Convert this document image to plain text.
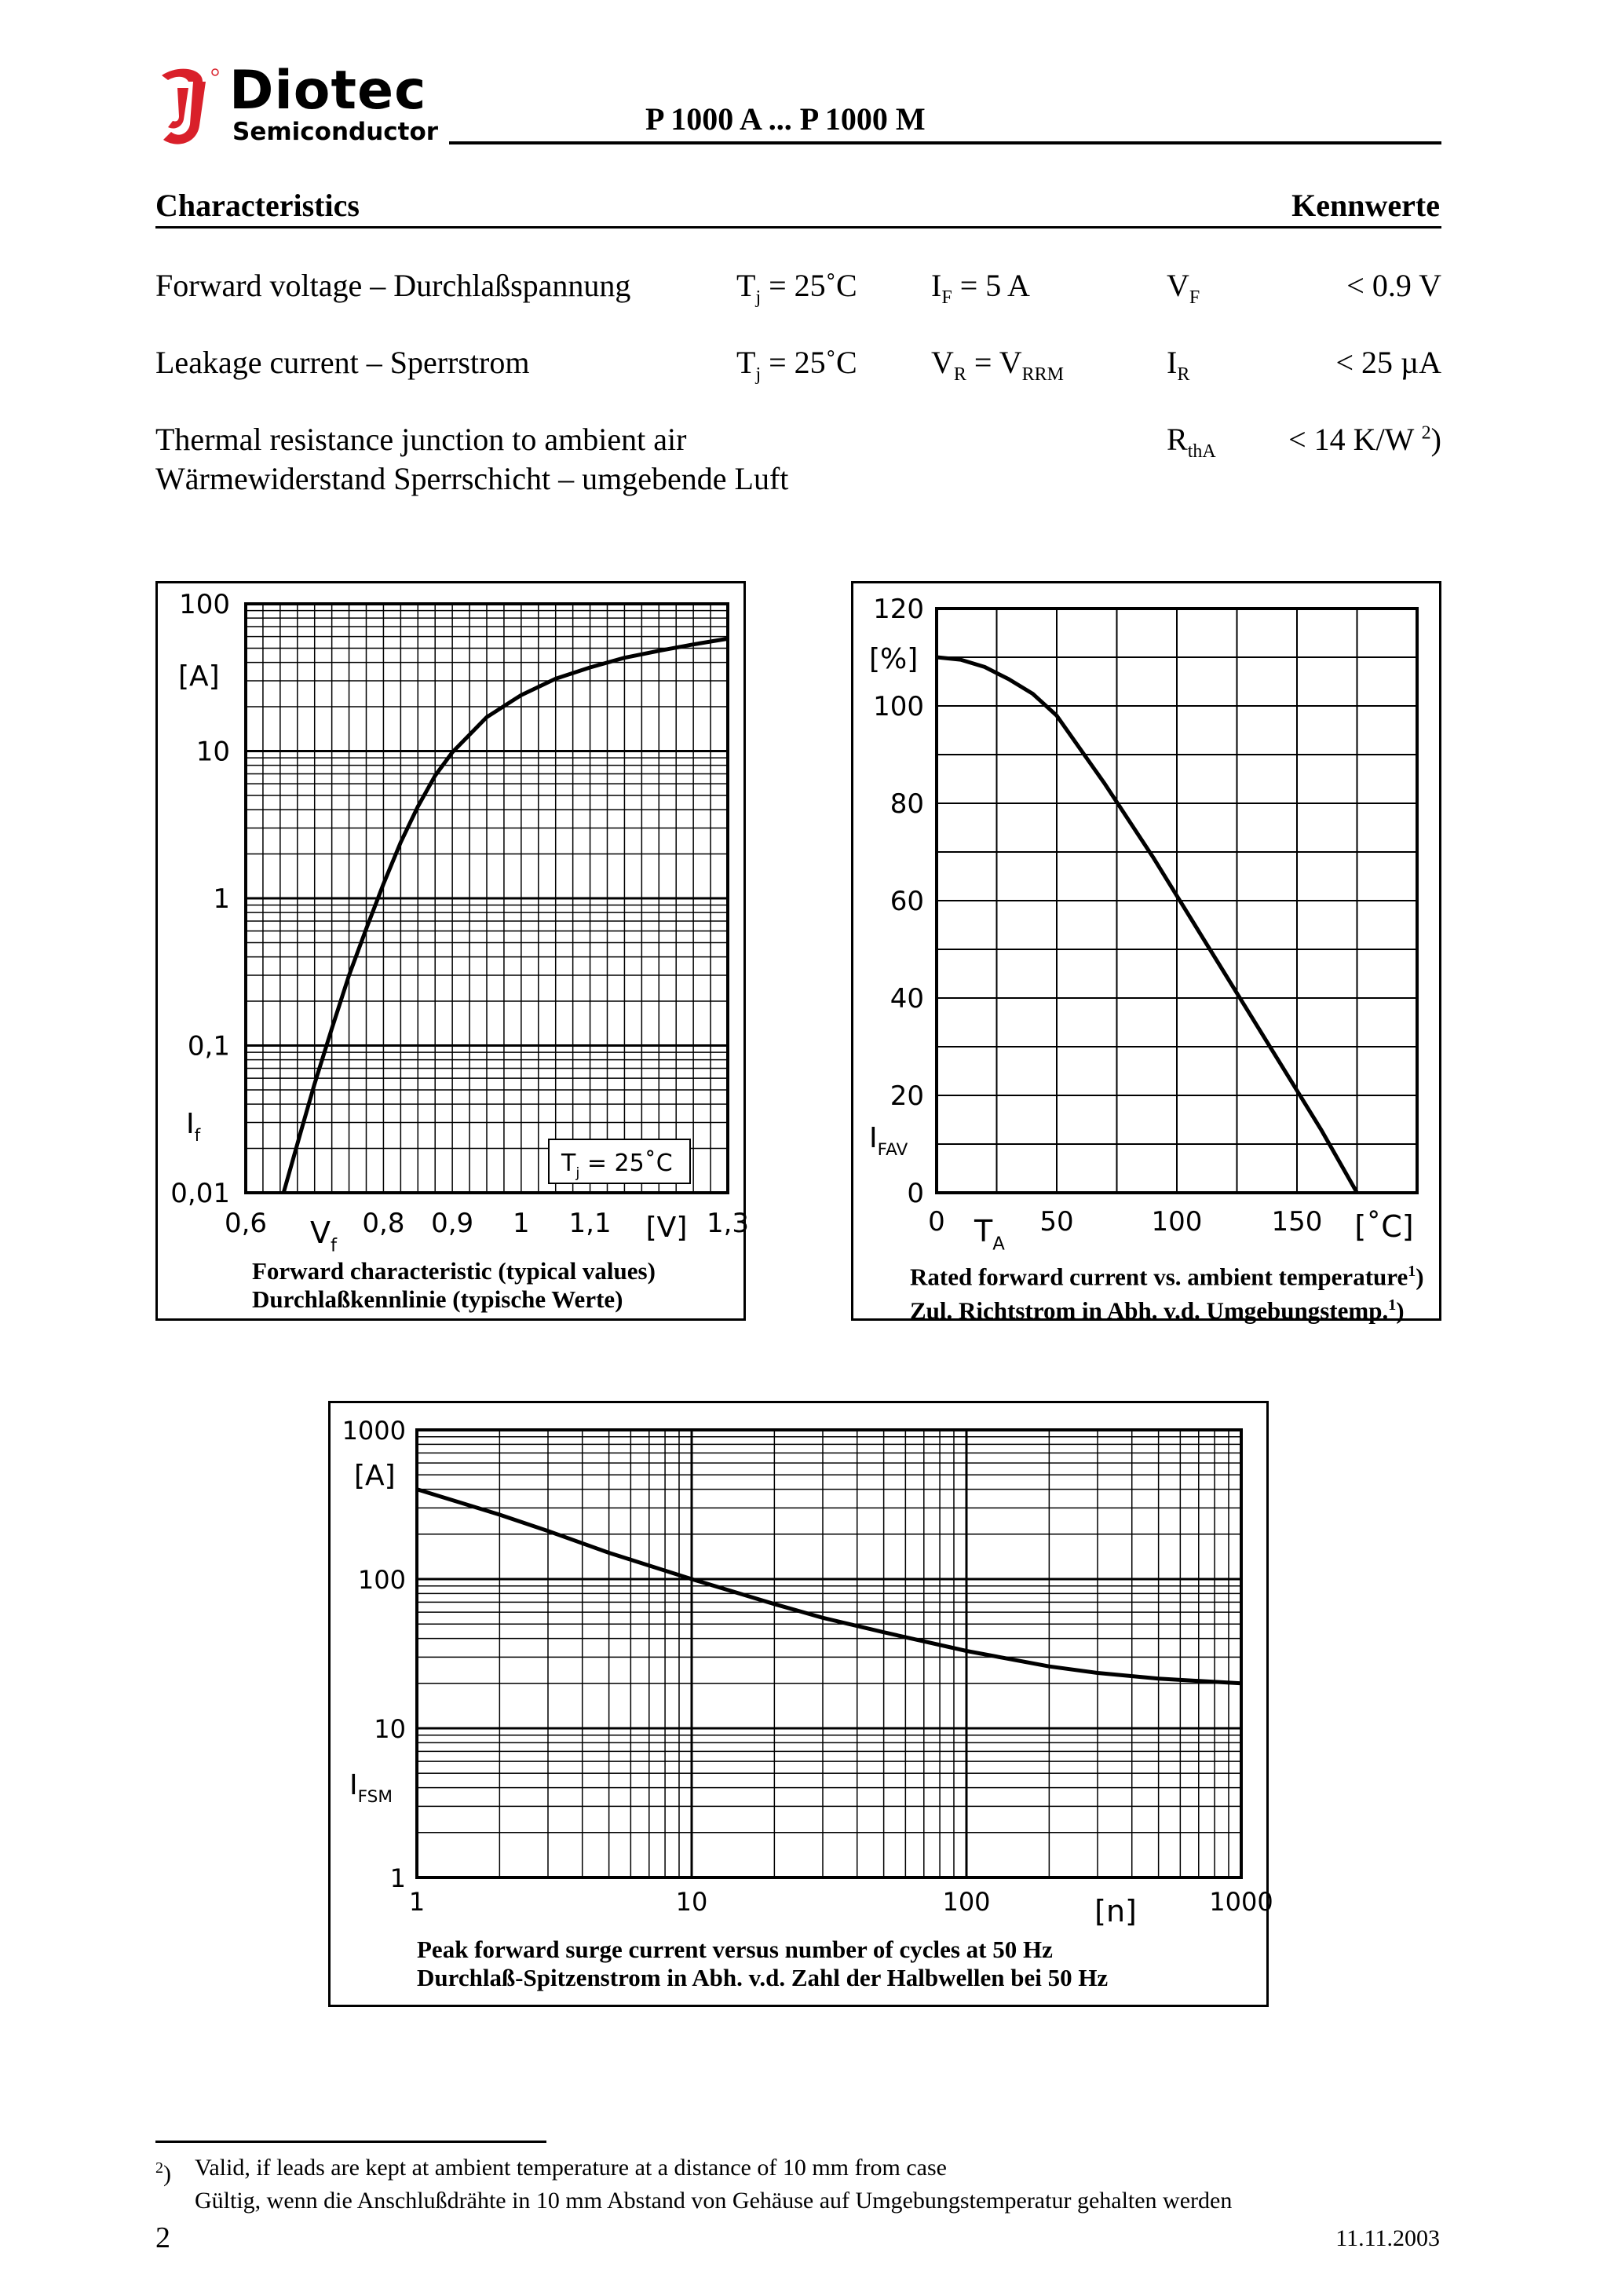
Diotec
Semiconductor	P 1000 A ... P 1000 M
Characteristics	Kennwerte
Forward voltage – Durchlaßspannung	$T_j$ = 25˚C $I_F = 5$ A	$V_F$	< 0.9 V
Leakage current – Sperrstrom	$T_j$ = 25˚C $V_R = V_{RRM}$	$I_R$	< 25 µA
Thermal resistance junction to ambient air
Wärmewiderstand Sperrschicht – umgebende Luft
$R_{thA} < 14$ K/W $^2$)
$T_j$ = 25˚C
100
10
1
0,1
0,01
[A]
$I_f$
0,6	0,8 0,9 1 1,1	1,3
$V_f$
[V]
Forward characteristic (typical values)
Durchlaßkennlinie (typische Werte)
120
100
80
60
40
20
0
[%]
$I_{FAV}$
0	50	100	150
$T_A$
[˚C]
Rated forward current vs. ambient temperature$^1$)
Zul. Richtstrom in Abh. v.d. Umgebungstemp.$^1$)
1000
100
10
1
[A]
$I_{FSM}$
1	10	100	1000
[n]
Peak forward surge current versus number of cycles at 50 Hz
Durchlaß-Spitzenstrom in Abh. v.d. Zahl der Halbwellen bei 50 Hz
$^2$) Valid, if leads are kept at ambient temperature at a distance of 10 mm from case
Gültig, wenn die Anschlußdrähte in 10 mm Abstand von Gehäuse auf Umgebungstemperatur gehalten werden
2	11.11.2003
